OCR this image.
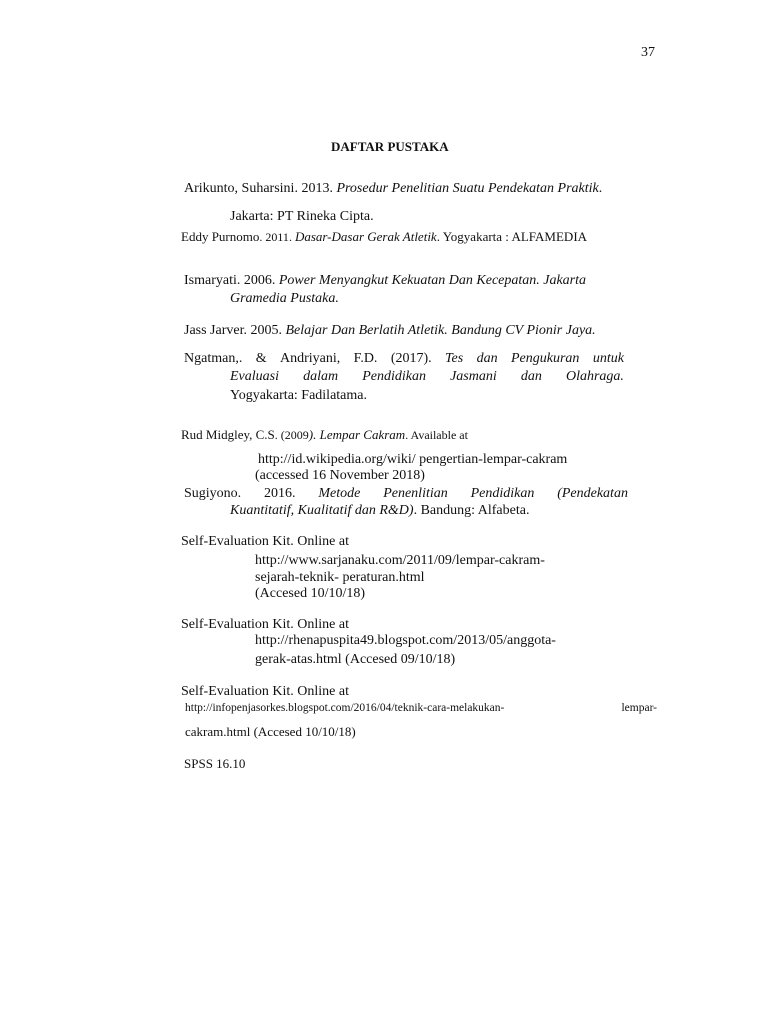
37
DAFTAR PUSTAKA
Arikunto, Suharsini. 2013. Prosedur Penelitian Suatu Pendekatan Praktik.
Jakarta: PT Rineka Cipta.
Eddy Purnomo. 2011. Dasar-Dasar Gerak Atletik. Yogyakarta : ALFAMEDIA
Ismaryati. 2006. Power Menyangkut Kekuatan Dan Kecepatan. Jakarta
Gramedia Pustaka.
Jass Jarver. 2005. Belajar Dan Berlatih Atletik. Bandung CV Pionir Jaya.
Ngatman,. & Andriyani, F.D. (2017). Tes dan Pengukuran untuk
Evaluasi dalam Pendidikan Jasmani dan Olahraga.
Yogyakarta: Fadilatama.
Rud Midgley, C.S. (2009). Lempar Cakram. Available at
http://id.wikipedia.org/wiki/ pengertian-lempar-cakram
(accessed 16 November 2018)
Sugiyono. 2016. Metode Penenlitian Pendidikan (Pendekatan
Kuantitatif, Kualitatif dan R&D). Bandung: Alfabeta.
Self-Evaluation Kit. Online at
http://www.sarjanaku.com/2011/09/lempar-cakram-
sejarah-teknik- peraturan.html
(Accesed 10/10/18)
Self-Evaluation Kit. Online at
http://rhenapuspita49.blogspot.com/2013/05/anggota-
gerak-atas.html (Accesed 09/10/18)
Self-Evaluation Kit. Online at
http://infopenjasorkes.blogspot.com/2016/04/teknik-cara-melakukan-	lempar-
cakram.html (Accesed 10/10/18)
SPSS 16.10
